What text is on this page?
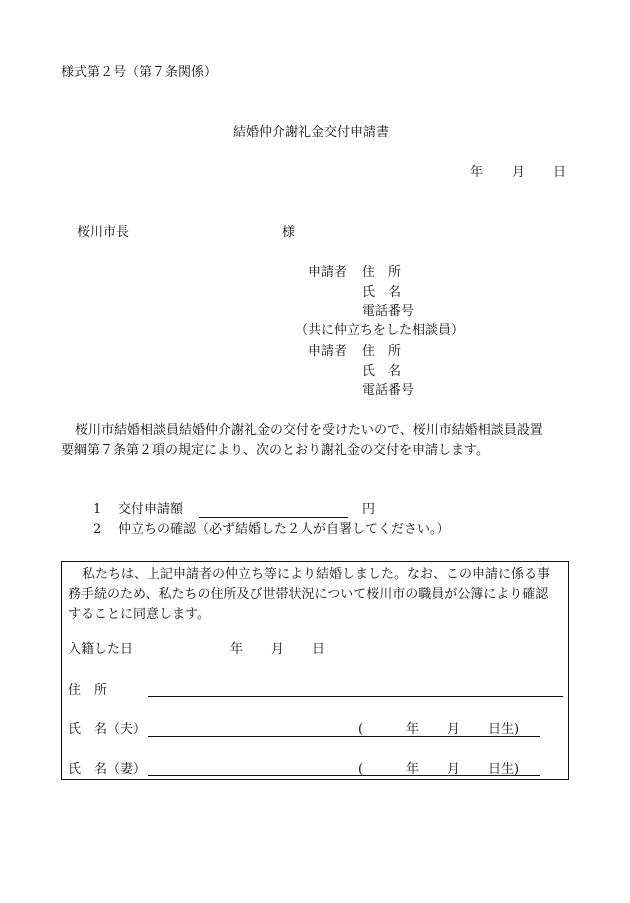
様式第２号（第７条関係）
結婚仲介謝礼金交付申請書
年 月 日
桜川市長	様
申請者 住　所
氏　名
電話番号
（共に仲立ちをした相談員）
申請者 住　所
氏　名
電話番号
桜川市結婚相談員結婚仲介謝礼金の交付を受けたいので、桜川市結婚相談員設置
要綱第７条第２項の規定により、次のとおり謝礼金の交付を申請します。
1 交付申請額	円
2 仲立ちの確認（必ず結婚した２人が自署してください。）
私たちは、上記申請者の仲立ち等により結婚しました。なお、この申請に係る事
務手続のため、私たちの住所及び世帯状況について桜川市の職員が公簿により確認
することに同意します。
入籍した日	年 月 日
住　所
氏　名（夫）	(	年 月 日生)
氏　名（妻）	(	年 月 日生)
